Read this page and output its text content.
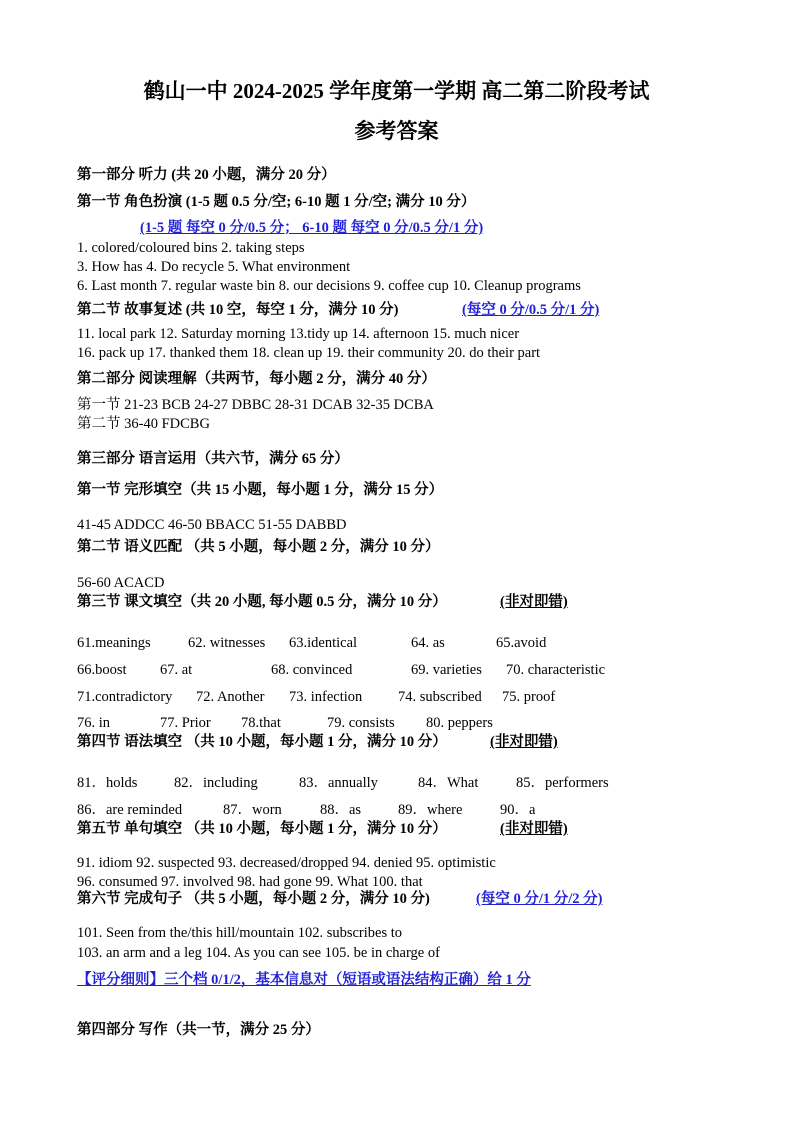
鹤山一中 2024-2025 学年度第一学期 高二第二阶段考试
参考答案
第一部分 听力 (共 20 小题，满分 20 分）
第一节 角色扮演 (1-5 题 0.5 分/空; 6-10 题 1 分/空; 满分 10 分）
(1-5 题 每空 0 分/0.5 分； 6-10 题 每空 0 分/0.5 分/1 分)
1. colored/coloured bins 2. taking steps
3. How has 4. Do recycle 5. What environment
6. Last month 7. regular waste bin 8. our decisions 9. coffee cup 10. Cleanup programs
第二节 故事复述 (共 10 空，每空 1 分，满分 10 分)	(每空 0 分/0.5 分/1 分)
11. local park 12. Saturday morning 13.tidy up 14. afternoon 15. much nicer
16. pack up 17. thanked them 18. clean up 19. their community 20. do their part
第二部分 阅读理解（共两节，每小题 2 分，满分 40 分）
第一节 21-23 BCB 24-27 DBBC 28-31 DCAB 32-35 DCBA
第二节 36-40 FDCBG
第三部分 语言运用（共六节，满分 65 分）
第一节 完形填空（共 15 小题，每小题 1 分，满分 15 分）
41-45 ADDCC 46-50 BBACC 51-55 DABBD
第二节 语义匹配 （共 5 小题，每小题 2 分，满分 10 分）
56-60 ACACD
第三节 课文填空（共 20 小题, 每小题 0.5 分，满分 10 分）	(非对即错)
61.meanings	62. witnesses 63.identical	64. as	65.avoid
66.boost 67. at	68. convinced	69. varieties 70. characteristic
71.contradictory 72. Another 73. infection 74. subscribed 75. proof
76. in	77. Prior 78.that	79. consists 80. peppers
第四节 语法填空 （共 10 小题，每小题 1 分，满分 10 分）	(非对即错)
81．holds	82．including	83．annually	84．What	85．performers
86．are reminded	87．worn	88．as	89．where	90．a
第五节 单句填空 （共 10 小题，每小题 1 分，满分 10 分）	(非对即错)
91. idiom 92. suspected 93. decreased/dropped 94. denied 95. optimistic
96. consumed 97. involved 98. had gone 99. What 100. that
第六节 完成句子 （共 5 小题，每小题 2 分，满分 10 分)	(每空 0 分/1 分/2 分)
101. Seen from the/this hill/mountain 102. subscribes to
103. an arm and a leg 104. As you can see 105. be in charge of
【评分细则】三个档 0/1/2，基本信息对（短语或语法结构正确）给 1 分
第四部分 写作（共一节，满分 25 分）
